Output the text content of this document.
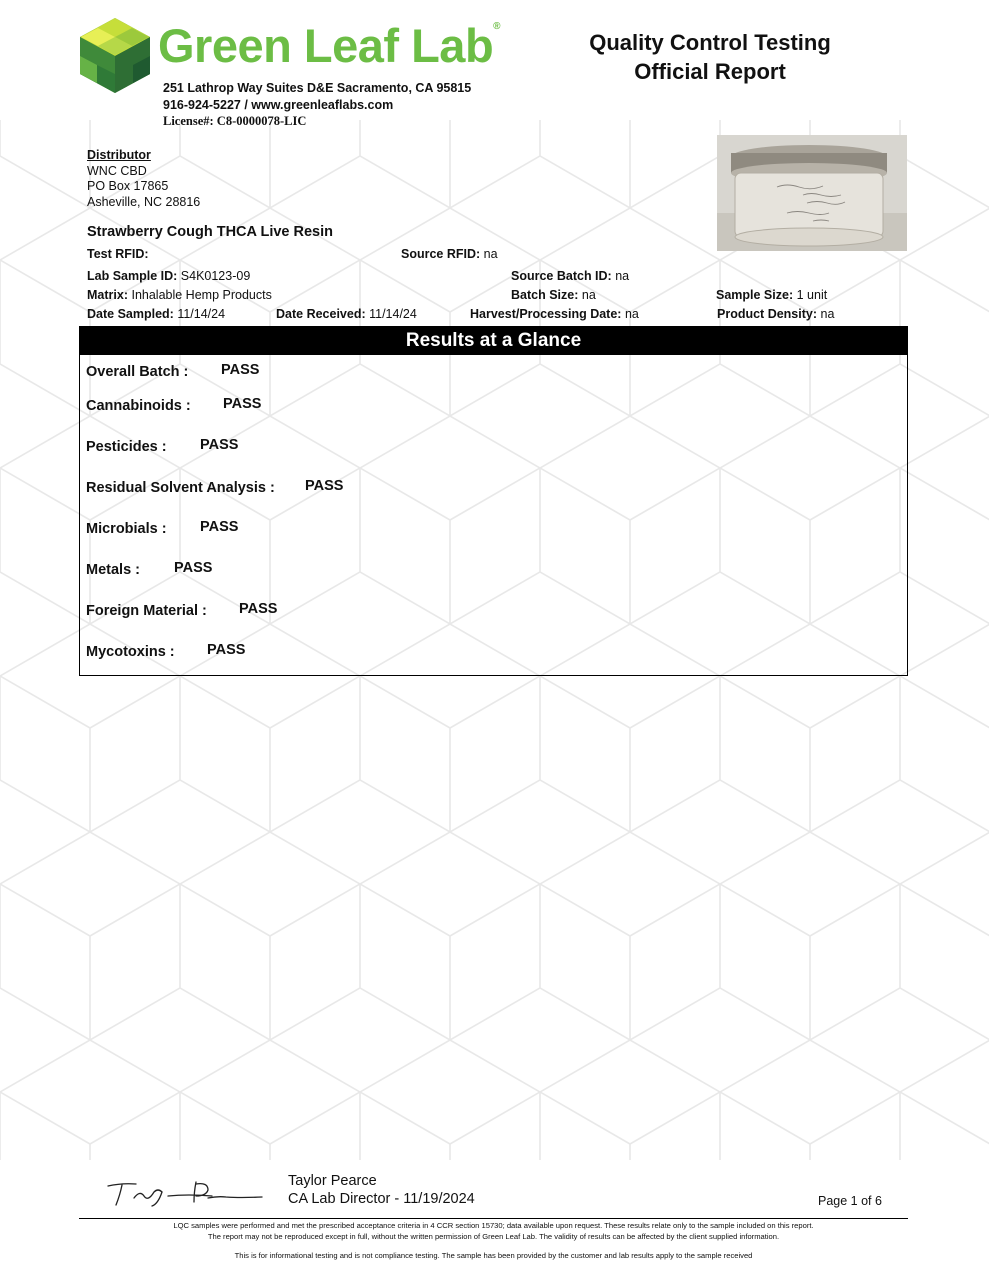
Green Leaf Lab®
251 Lathrop Way Suites D&E Sacramento, CA 95815
916-924-5227 / www.greenleaflabs.com
License#: C8-0000078-LIC
Quality Control Testing
Official Report
Distributor
WNC CBD
PO Box 17865
Asheville, NC 28816
Strawberry Cough THCA Live Resin
Test RFID:	Source RFID: na
Lab Sample ID: S4K0123-09	Source Batch ID: na
Matrix: Inhalable Hemp Products	Batch Size: na	Sample Size: 1 unit
Date Sampled: 11/14/24	Date Received: 11/14/24	Harvest/Processing Date: na	Product Density: na
Results at a Glance
Overall Batch : PASS
Cannabinoids : PASS
Pesticides : PASS
Residual Solvent Analysis : PASS
Microbials : PASS
Metals : PASS
Foreign Material : PASS
Mycotoxins : PASS
Taylor Pearce
CA Lab Director - 11/19/2024	Page 1 of 6
LQC samples were performed and met the prescribed acceptance criteria in 4 CCR section 15730; data available upon request. These results relate only to the sample included on this report.
The report may not be reproduced except in full, without the written permission of Green Leaf Lab. The validity of results can be affected by the client supplied information.
This is for informational testing and is not compliance testing. The sample has been provided by the customer and lab results apply to the sample received
